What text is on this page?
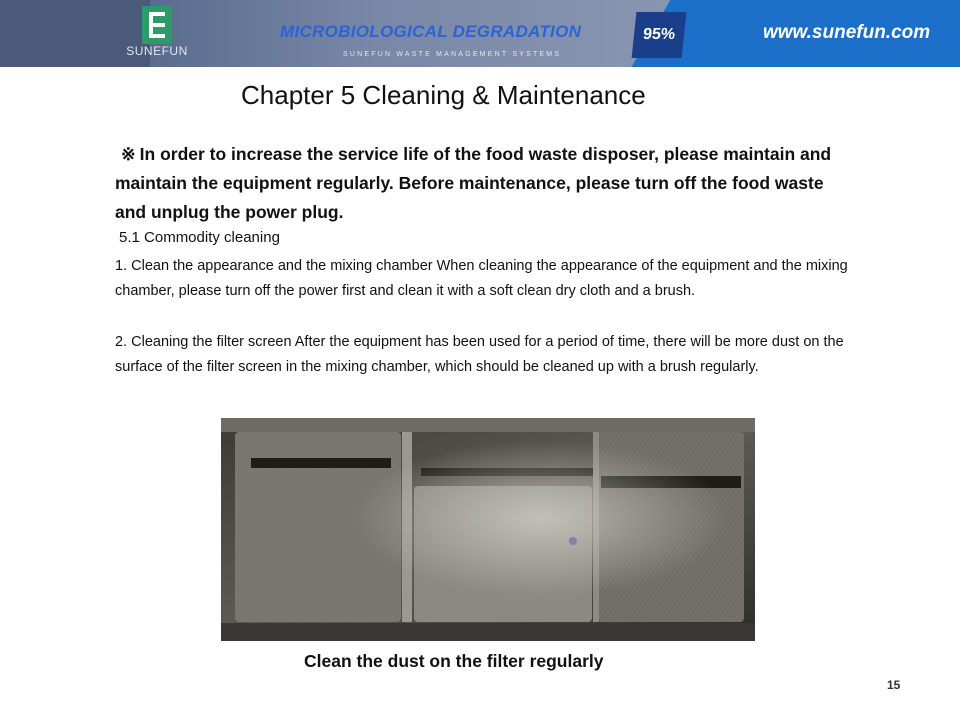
SUNEFUN
MICROBIOLOGICAL DEGRADATION
SUNEFUN WASTE MANAGEMENT SYSTEMS
95%	www.sunefun.com
Chapter 5 Cleaning & Maintenance
※ In order to increase the service life of the food waste disposer, please maintain and maintain the equipment regularly. Before maintenance, please turn off the food waste and unplug the power plug.
5.1 Commodity cleaning
1. Clean the appearance and the mixing chamber When cleaning the appearance of the equipment and the mixing chamber, please turn off the power first and clean it with a soft clean dry cloth and a brush.
2. Cleaning the filter screen After the equipment has been used for a period of time, there will be more dust on the surface of the filter screen in the mixing chamber, which should be cleaned up with a brush regularly.
Clean the dust on the filter regularly
15
